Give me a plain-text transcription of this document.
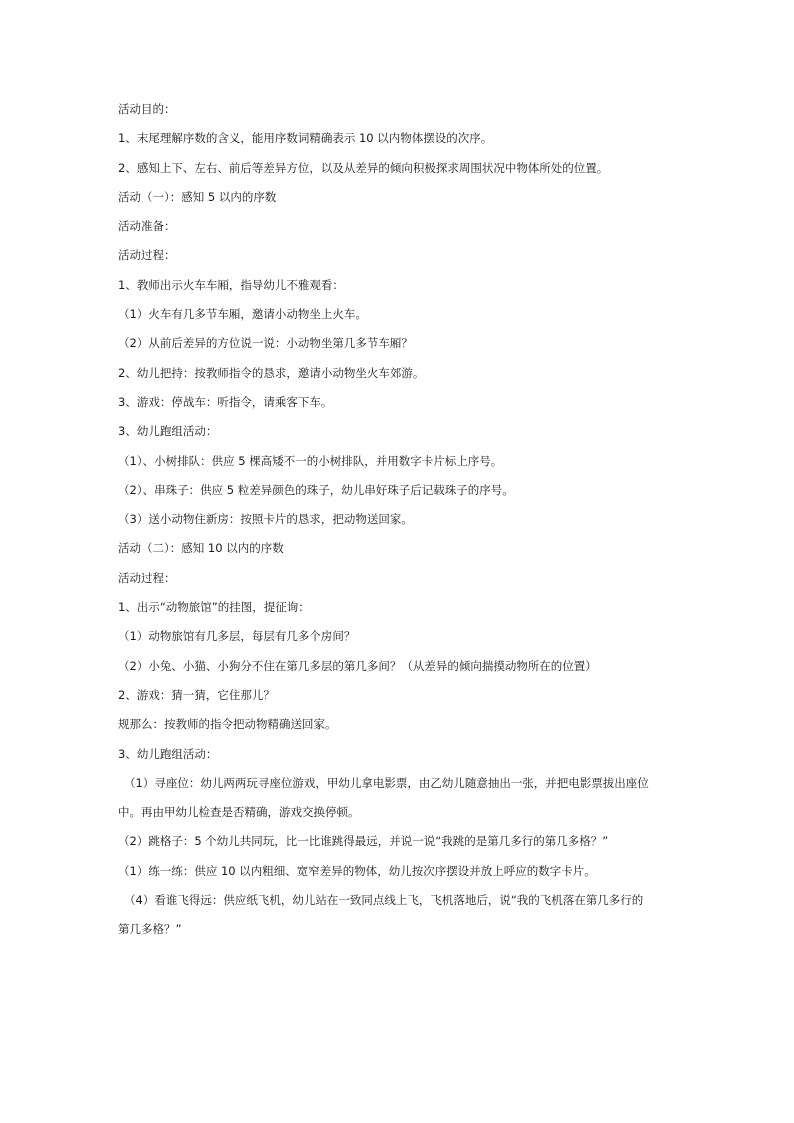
活动目的：
1、末尾理解序数的含义，能用序数词精确表示 10 以内物体摆设的次序。
2、感知上下、左右、前后等差异方位，以及从差异的倾向积极探求周围状况中物体所处的位置。
活动（一）：感知 5 以内的序数
活动准备：
活动过程：
1、教师出示火车车厢，指导幼儿不雅观看：
（1）火车有几多节车厢，邀请小动物坐上火车。
（2）从前后差异的方位说一说：小动物坐第几多节车厢？
2、幼儿把持：按教师指令的恳求，邀请小动物坐火车郊游。
3、游戏：停战车：听指令，请乘客下车。
3、幼儿跑组活动：
（1）、小树排队：供应 5 棵高矮不一的小树排队，并用数字卡片标上序号。
（2）、串珠子：供应 5 粒差异颜色的珠子，幼儿串好珠子后记载珠子的序号。
（3）送小动物住新房：按照卡片的恳求，把动物送回家。
活动（二）：感知 10 以内的序数
活动过程：
1、出示“动物旅馆”的挂图，提征询：
（1）动物旅馆有几多层，每层有几多个房间？
（2）小兔、小猫、小狗分不住在第几多层的第几多间？（从差异的倾向揣摸动物所在的位置）
2、游戏：猜一猜，它住那儿？
规那么：按教师的指令把动物精确送回家。
3、幼儿跑组活动：
（1）寻座位：幼儿两两玩寻座位游戏，甲幼儿拿电影票，由乙幼儿随意抽出一张，并把电影票拔出座位
中。再由甲幼儿检查是否精确，游戏交换停顿。
（2）跳格子：5 个幼儿共同玩，比一比谁跳得最远，并说一说“我跳的是第几多行的第几多格？”
（1）练一练：供应 10 以内粗细、宽窄差异的物体，幼儿按次序摆设并放上呼应的数字卡片。
（4）看谁飞得远：供应纸飞机，幼儿站在一致同点线上飞，飞机落地后，说“我的飞机落在第几多行的
第几多格？”
